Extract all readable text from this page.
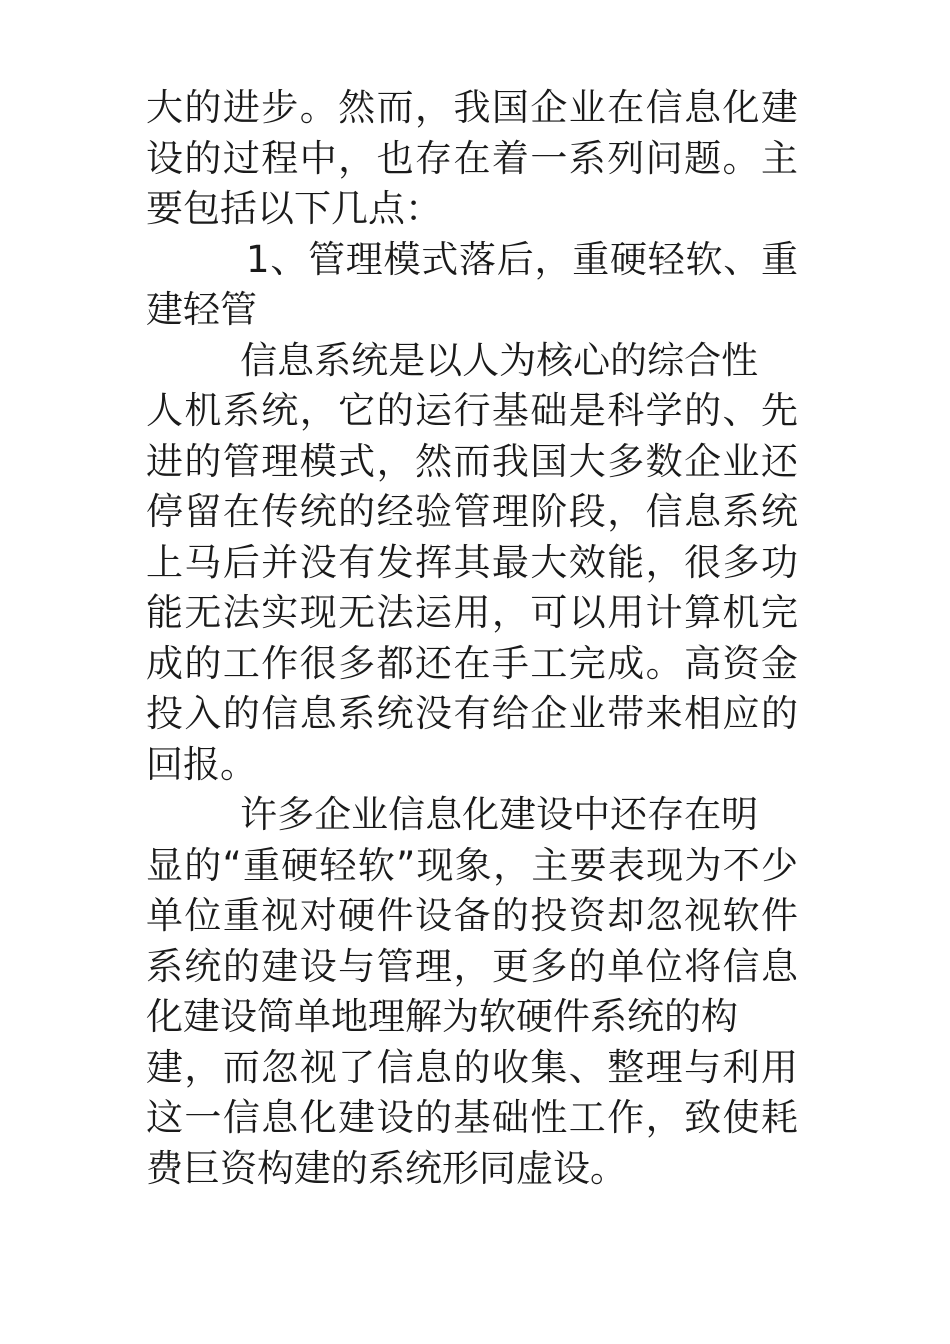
大的进步。然而，我国企业在信息化建
设的过程中，也存在着一系列问题。主
要包括以下几点：
1、管理模式落后，重硬轻软、重
建轻管
信息系统是以人为核心的综合性
人机系统，它的运行基础是科学的、先
进的管理模式，然而我国大多数企业还
停留在传统的经验管理阶段，信息系统
上马后并没有发挥其最大效能，很多功
能无法实现无法运用，可以用计算机完
成的工作很多都还在手工完成。高资金
投入的信息系统没有给企业带来相应的
回报。
许多企业信息化建设中还存在明
显的“重硬轻软”现象，主要表现为不少
单位重视对硬件设备的投资却忽视软件
系统的建设与管理，更多的单位将信息
化建设简单地理解为软硬件系统的构
建，而忽视了信息的收集、整理与利用
这一信息化建设的基础性工作，致使耗
费巨资构建的系统形同虚设。
